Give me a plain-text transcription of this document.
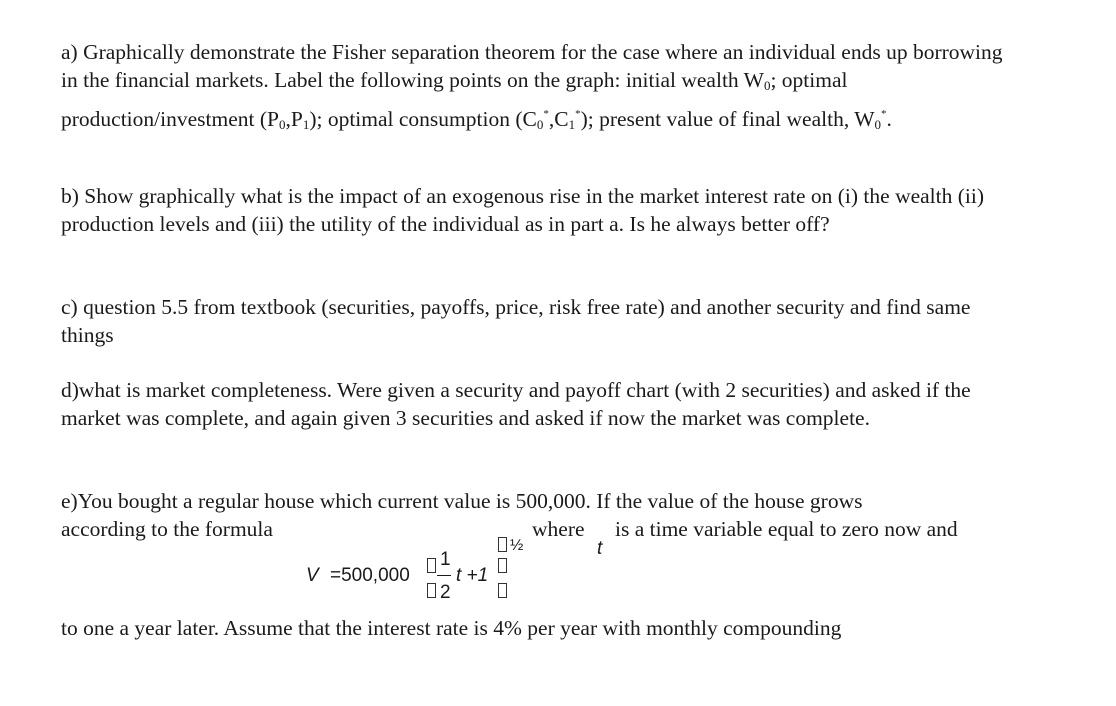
a) Graphically demonstrate the Fisher separation theorem for the case where an individual ends up borrowing in the financial markets. Label the following points on the graph: initial wealth $W_0$; optimal production/investment $(P_0,P_1)$; optimal consumption $(C_0^*,C_1^*)$; present value of final wealth, $W_0^*$.

b) Show graphically what is the impact of an exogenous rise in the market interest rate on (i) the wealth (ii) production levels and (iii) the utility of the individual as in part a. Is he always better off?

c) question 5.5 from textbook (securities, payoffs, price, risk free rate) and another security and find same things

d)what is market completeness. Were given a security and payoff chart (with 2 securities) and asked if the market was complete, and again given 3 securities and asked if now the market was complete.

e)You bought a regular house which current value is 500,000. If the value of the house grows

according to the formula	where is a time variable equal to zero now and
t
V =500,000
1
2
t +1
½

to one a year later. Assume that the interest rate is 4% per year with monthly compounding
